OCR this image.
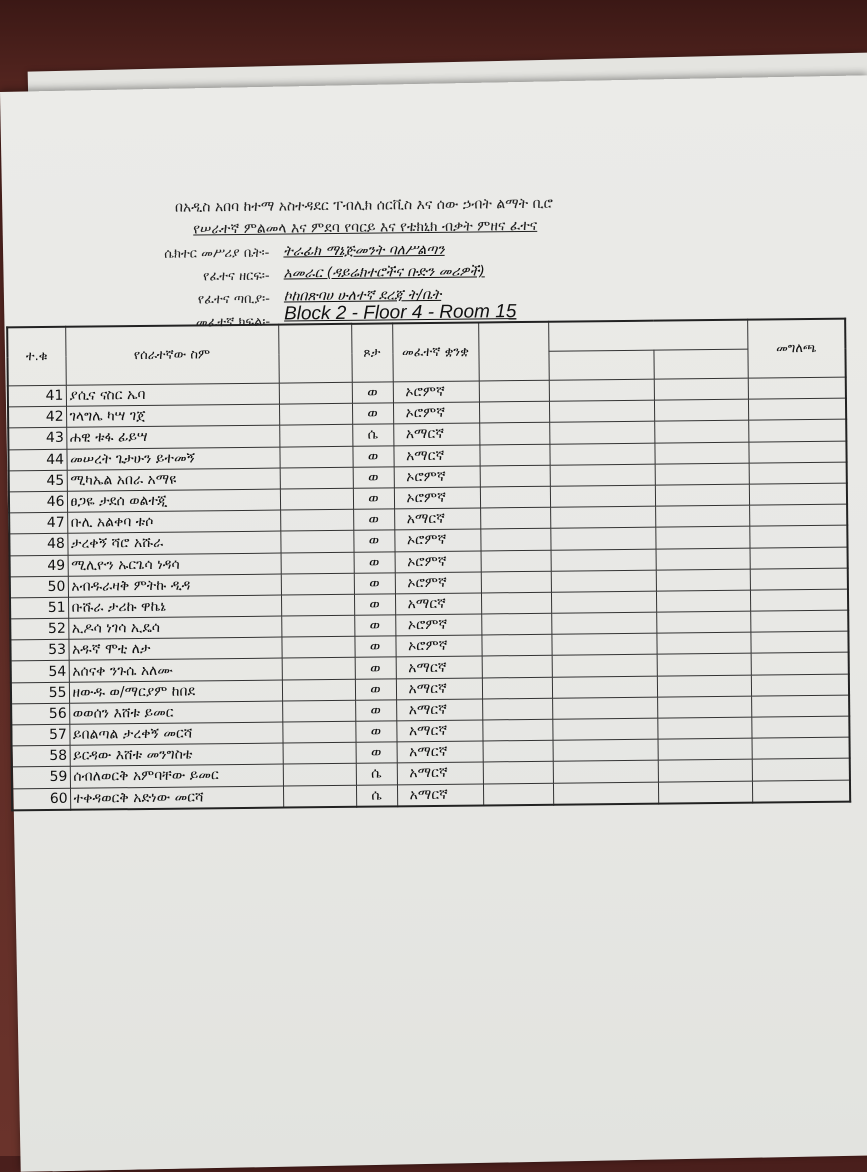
በአዲስ አበባ ከተማ አስተዳደር ፐብሊክ ሰርቪስ እና ሰው ኃብት ልማት ቢሮ
የሠራተኛ ምልመላ እና ምደባ የባርይ እና የቴክኒክ ብቃት ምዘና ፈተና
ሴክተር መሥሪያ ቤት፡- ትራፊክ ማኔጅመንት ባለሥልጣን
የፈተና ዘርፍ፡- አመራር (ዳይሬክተሮችና ቡድን መሪዎች)
የፈተና ጣቢያ፡- ኮከበጽባሀ ሁለተኛ ደረጃ ት/ቤት
መፈተኛ ክፍል፡- Block 2 - Floor 4 - Room 15
ተ.ቁ	የሰራተኛው ስም		ጾታ	መፈተኛ ቋንቋ				መግለጫ

41	ያሲና ናስር ኤባ		ወ	ኦሮምኛ				
42	ገላግሌ ካሣ ገጀ		ወ	ኦሮምኛ				
43	ሐዊ ቱፋ ፊይሣ		ሴ	አማርኛ				
44	መሠረት ጌታሁን ይተመኝ		ወ	አማርኛ				
45	ሚካኤል አበራ አማዩ		ወ	ኦሮምኛ				
46	ፀጋዬ ታደሰ ወልተጂ		ወ	ኦሮምኛ				
47	ቡሊ አልቀባ ቱሶ		ወ	አማርኛ				
48	ታረቀኝ ሻሮ አሹራ		ወ	ኦሮምኛ				
49	ሚሊዮን ኡርጌሳ ነዳሳ		ወ	ኦሮምኛ				
50	አብዱራዛቅ ምትኩ ዲዳ		ወ	ኦሮምኛ				
51	ቡሹራ ታሪኩ ዋኬኔ		ወ	አማርኛ				
52	ኢዶሳ ነገሳ ኢዴሳ		ወ	ኦሮምኛ				
53	አዱኛ ሞቲ ለታ		ወ	ኦሮምኛ				
54	አሰናቀ ንጉሴ አለሙ		ወ	አማርኛ				
55	ዘውዱ ወ/ማርያም ከበደ		ወ	አማርኛ				
56	ወወሰን እሸቱ ይመር		ወ	አማርኛ				
57	ይበልጣል ታረቀኝ መርሻ		ወ	አማርኛ				
58	ይርዳው እሸቱ መንግስቴ		ወ	አማርኛ				
59	ሰብለወርቅ አምባቸው ይመር		ሴ	አማርኛ				
60	ተቀዳወርቅ አድነው መርሻ		ሴ	አማርኛ				
